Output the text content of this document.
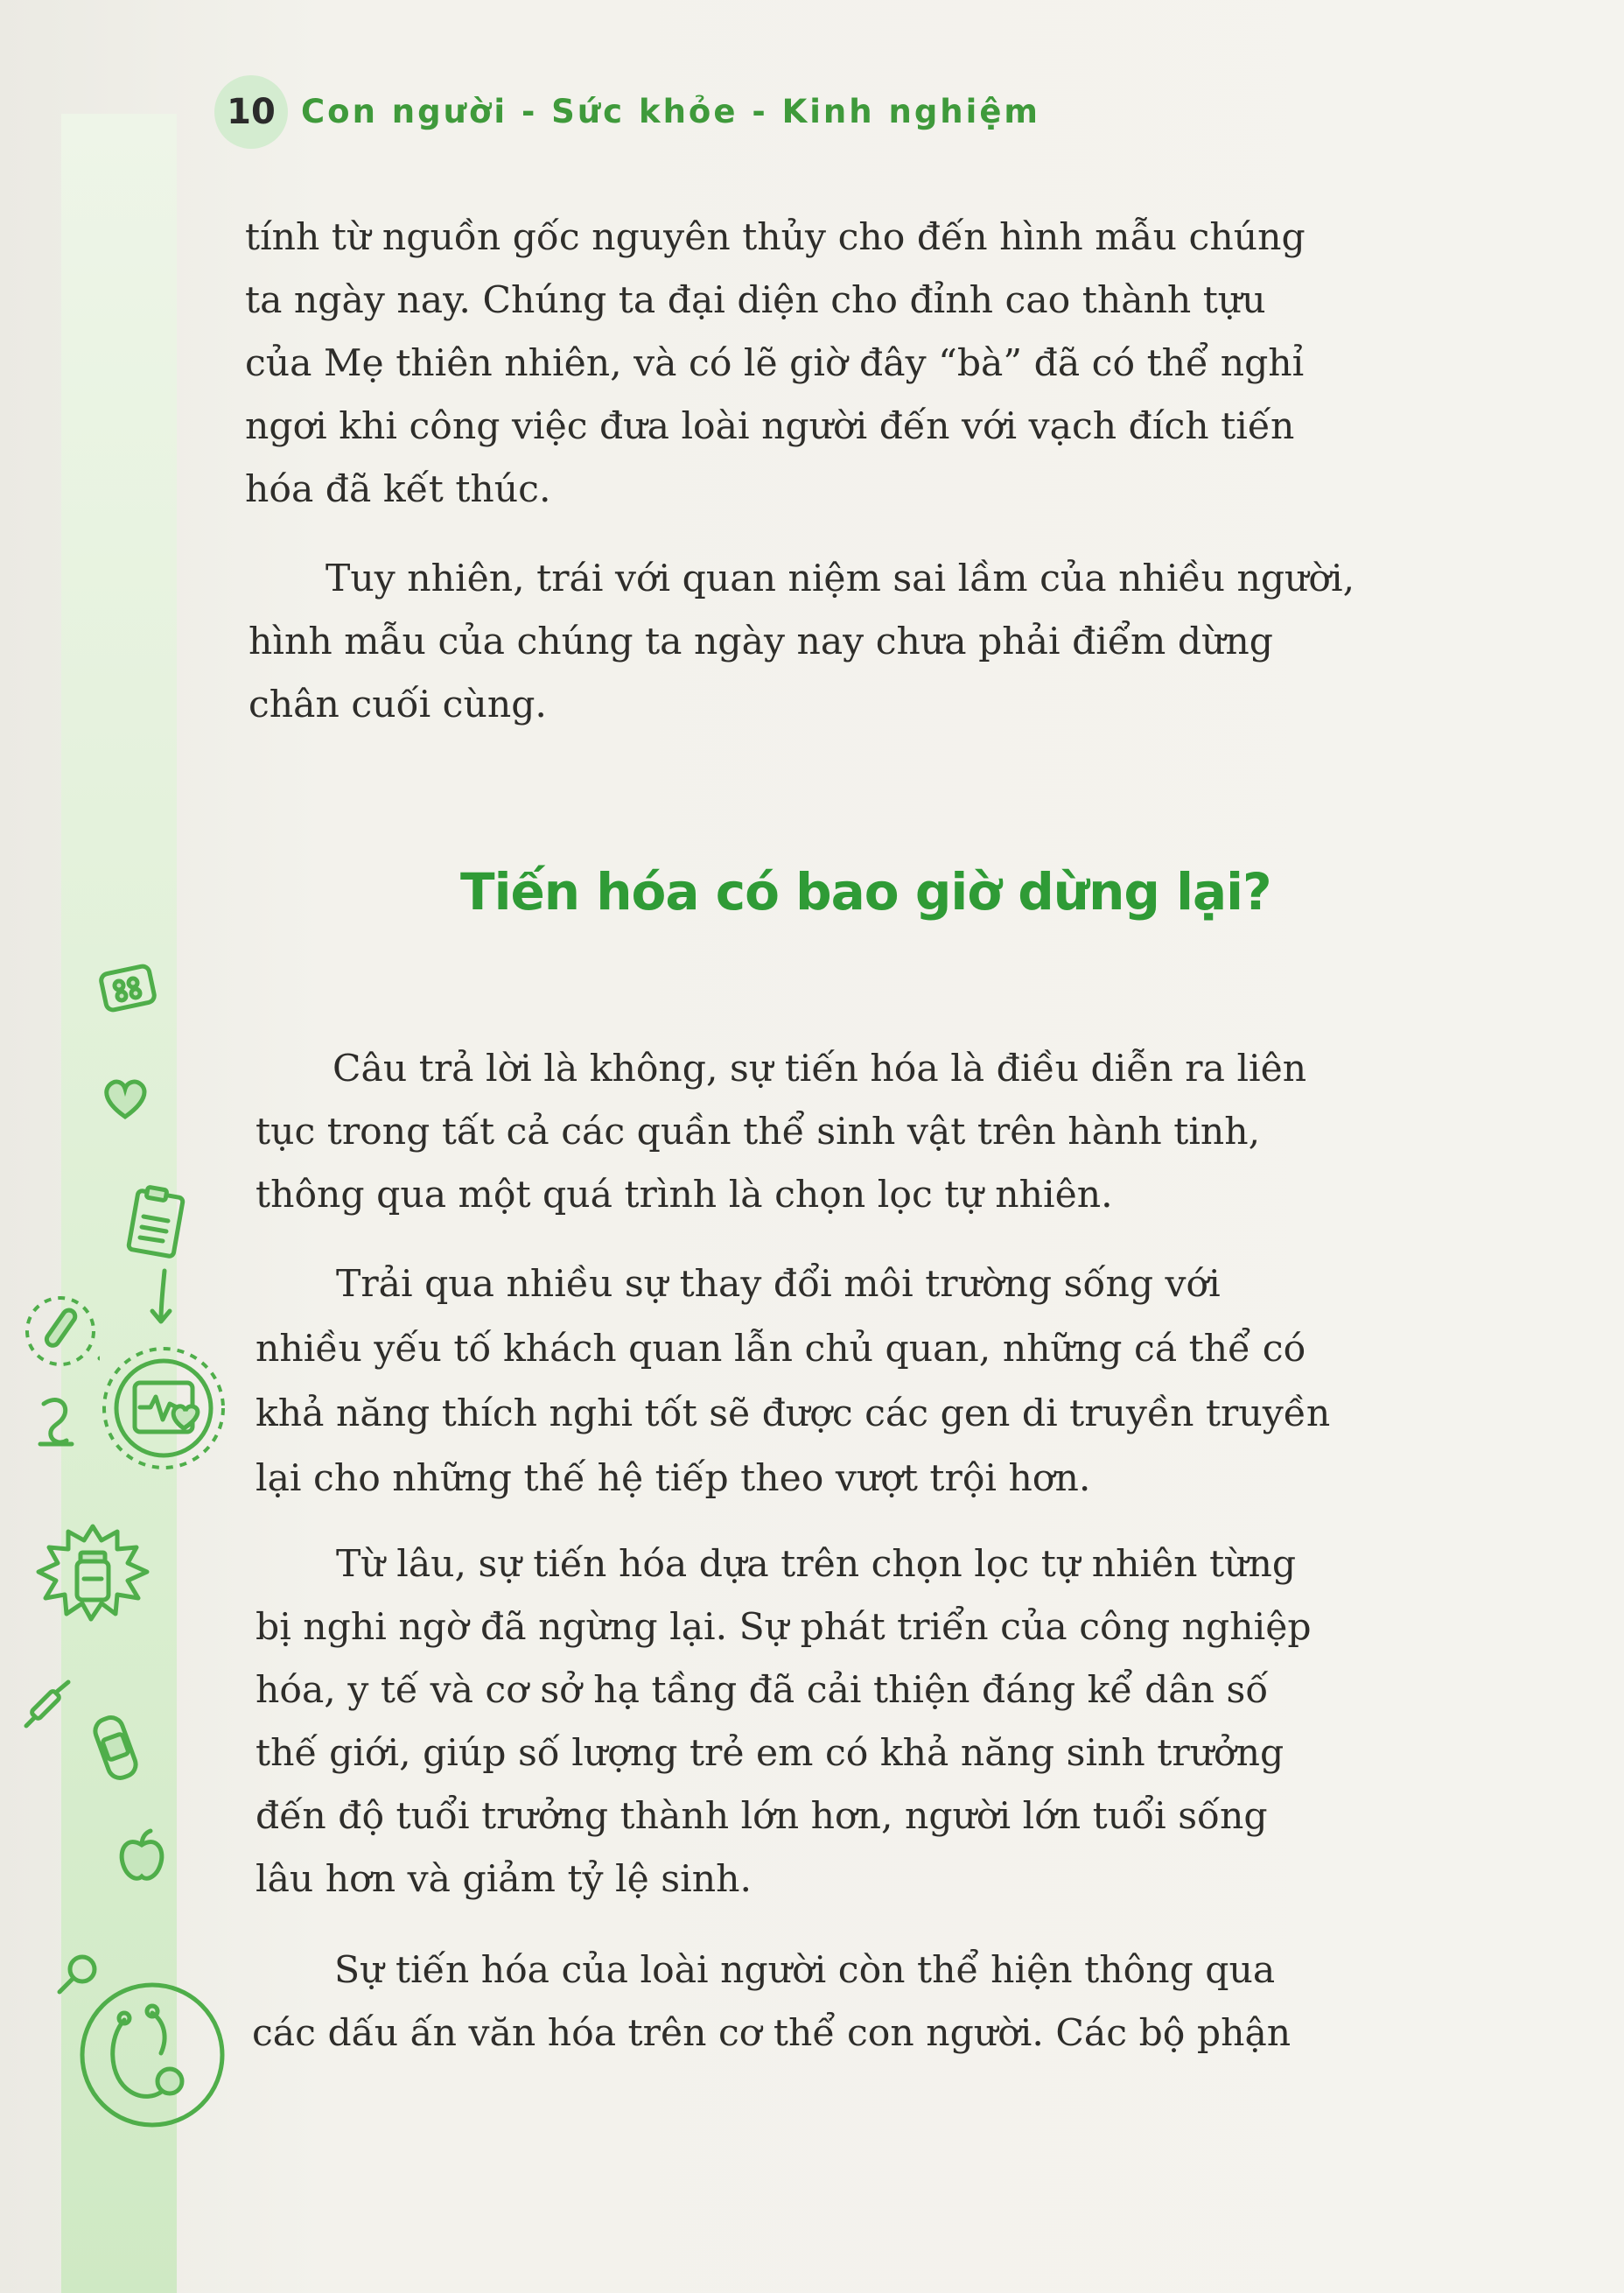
10 Con người - Sức khỏe - Kinh nghiệm
tính từ nguồn gốc nguyên thủy cho đến hình mẫu chúng
ta ngày nay. Chúng ta đại diện cho đỉnh cao thành tựu
của Mẹ thiên nhiên, và có lẽ giờ đây “bà” đã có thể nghỉ
ngơi khi công việc đưa loài người đến với vạch đích tiến
hóa đã kết thúc.
Tuy nhiên, trái với quan niệm sai lầm của nhiều người,
hình mẫu của chúng ta ngày nay chưa phải điểm dừng
chân cuối cùng.
Tiến hóa có bao giờ dừng lại?
Câu trả lời là không, sự tiến hóa là điều diễn ra liên
tục trong tất cả các quần thể sinh vật trên hành tinh,
thông qua một quá trình là chọn lọc tự nhiên.
Trải qua nhiều sự thay đổi môi trường sống với
nhiều yếu tố khách quan lẫn chủ quan, những cá thể có
khả năng thích nghi tốt sẽ được các gen di truyền truyền
lại cho những thế hệ tiếp theo vượt trội hơn.
Từ lâu, sự tiến hóa dựa trên chọn lọc tự nhiên từng
bị nghi ngờ đã ngừng lại. Sự phát triển của công nghiệp
hóa, y tế và cơ sở hạ tầng đã cải thiện đáng kể dân số
thế giới, giúp số lượng trẻ em có khả năng sinh trưởng
đến độ tuổi trưởng thành lớn hơn, người lớn tuổi sống
lâu hơn và giảm tỷ lệ sinh.
Sự tiến hóa của loài người còn thể hiện thông qua
các dấu ấn văn hóa trên cơ thể con người. Các bộ phận
